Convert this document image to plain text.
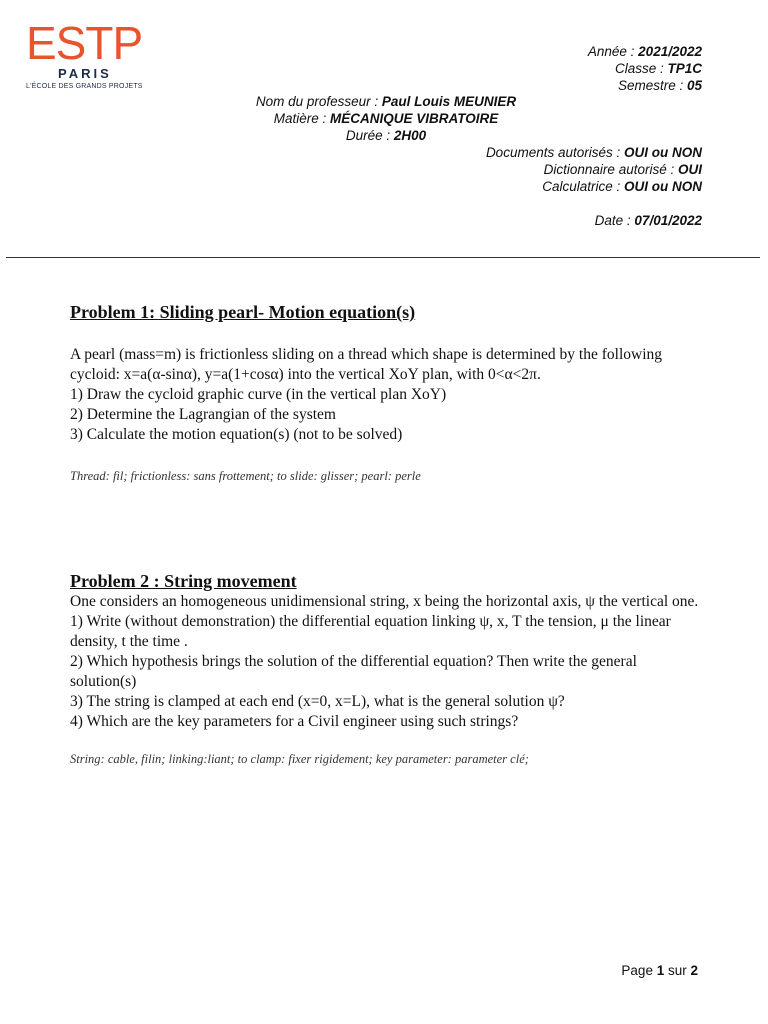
ESTP
PARIS
L'ÉCOLE DES GRANDS PROJETS
Année : 2021/2022
Classe : TP1C
Semestre : 05
Nom du professeur : Paul Louis MEUNIER
Matière : MÉCANIQUE VIBRATOIRE
Durée : 2H00
Documents autorisés : OUI ou NON
Dictionnaire autorisé : OUI
Calculatrice : OUI ou NON
Date : 07/01/2022
Problem 1: Sliding pearl- Motion equation(s)

A pearl (mass=m) is frictionless sliding on a thread which shape is determined by the following cycloid: x=a(α-sinα), y=a(1+cosα) into the vertical XoY plan, with 0<α<2π.

1) Draw the cycloid graphic curve (in the vertical plan XoY)

2) Determine the Lagrangian of the system

3) Calculate the motion equation(s) (not to be solved)

Thread: fil; frictionless: sans frottement; to slide: glisser; pearl: perle

Problem 2 : String movement

One considers an homogeneous unidimensional string, x being the horizontal axis, ψ the vertical one.

1) Write (without demonstration) the differential equation linking ψ, x, T the tension, μ the linear density, t the time .

2) Which hypothesis brings the solution of the differential equation? Then write the general solution(s)

3) The string is clamped at each end (x=0, x=L), what is the general solution ψ?

4) Which are the key parameters for a Civil engineer using such strings?

String: cable, filin; linking:liant; to clamp: fixer rigidement; key parameter: parameter clé;

Page 1 sur 2
